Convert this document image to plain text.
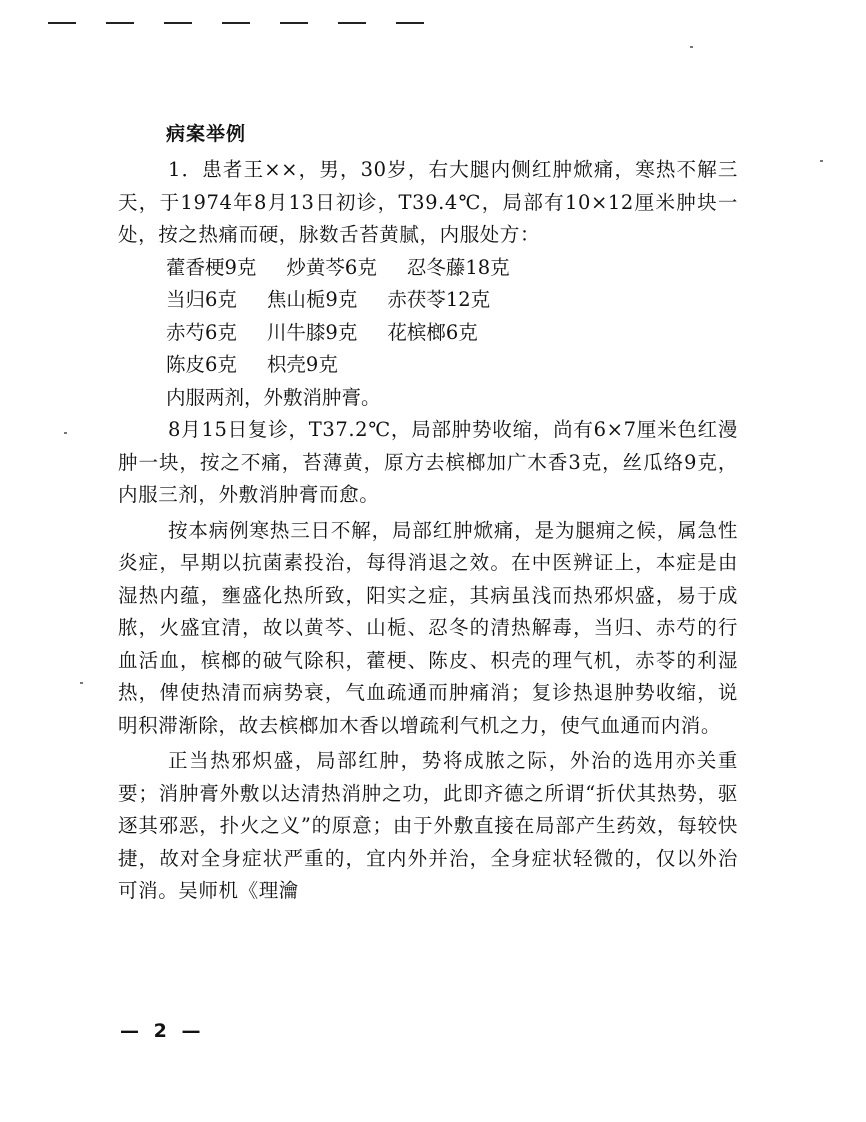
病案举例

1．患者王××，男，30岁，右大腿内侧红肿焮痛，寒热不解三天，于1974年8月13日初诊，T39.4℃，局部有10×12厘米肿块一处，按之热痛而硬，脉数舌苔黄腻，内服处方：

藿香梗9克 炒黄芩6克 忍冬藤18克
当归6克 焦山栀9克 赤茯苓12克
赤芍6克 川牛膝9克 花槟榔6克
陈皮6克 枳壳9克

内服两剂，外敷消肿膏。

8月15日复诊，T37.2℃，局部肿势收缩，尚有6×7厘米色红漫肿一块，按之不痛，苔薄黄，原方去槟榔加广木香3克，丝瓜络9克，内服三剂，外敷消肿膏而愈。

按本病例寒热三日不解，局部红肿焮痛，是为腿痈之候，属急性炎症，早期以抗菌素投治，每得消退之效。在中医辨证上，本症是由湿热内蕴，壅盛化热所致，阳实之症，其病虽浅而热邪炽盛，易于成脓，火盛宜清，故以黄芩、山栀、忍冬的清热解毒，当归、赤芍的行血活血，槟榔的破气除积，藿梗、陈皮、枳壳的理气机，赤苓的利湿热，俾使热清而病势衰，气血疏通而肿痛消；复诊热退肿势收缩，说明积滞渐除，故去槟榔加木香以增疏利气机之力，使气血通而内消。

正当热邪炽盛，局部红肿，势将成脓之际，外治的选用亦关重要；消肿膏外敷以达清热消肿之功，此即齐德之所谓“折伏其热势，驱逐其邪恶，扑火之义”的原意；由于外敷直接在局部产生药效，每较快捷，故对全身症状严重的，宜内外并治，全身症状轻微的，仅以外治可消。吴师机《理瀹

— 2 —
